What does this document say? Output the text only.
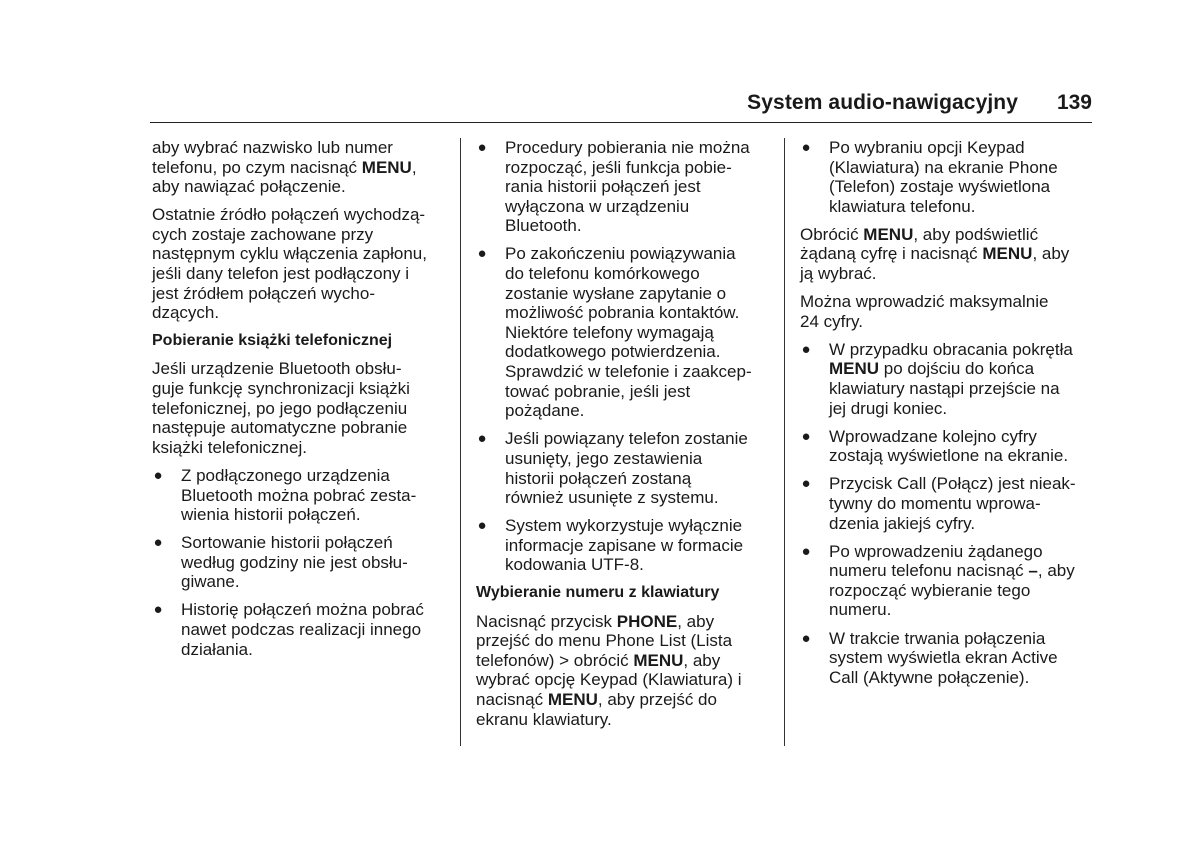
System audio-nawigacyjny 139

aby wybrać nazwisko lub numer
telefonu, po czym nacisnąć MENU,
aby nawiązać połączenie.

Ostatnie źródło połączeń wychodzą-
cych zostaje zachowane przy
następnym cyklu włączenia zapłonu,
jeśli dany telefon jest podłączony i
jest źródłem połączeń wycho-
dzących.

Pobieranie książki telefonicznej

Jeśli urządzenie Bluetooth obsłu-
guje funkcję synchronizacji książki
telefonicznej, po jego podłączeniu
następuje automatyczne pobranie
książki telefonicznej.

● Z podłączonego urządzenia
Bluetooth można pobrać zesta-
wienia historii połączeń.
● Sortowanie historii połączeń
według godziny nie jest obsłu-
giwane.
● Historię połączeń można pobrać
nawet podczas realizacji innego
działania.
● Procedury pobierania nie można
rozpocząć, jeśli funkcja pobie-
rania historii połączeń jest
wyłączona w urządzeniu
Bluetooth.
● Po zakończeniu powiązywania
do telefonu komórkowego
zostanie wysłane zapytanie o
możliwość pobrania kontaktów.
Niektóre telefony wymagają
dodatkowego potwierdzenia.
Sprawdzić w telefonie i zaakcep-
tować pobranie, jeśli jest
pożądane.
● Jeśli powiązany telefon zostanie
usunięty, jego zestawienia
historii połączeń zostaną
również usunięte z systemu.
● System wykorzystuje wyłącznie
informacje zapisane w formacie
kodowania UTF-8.
Wybieranie numeru z klawiatury

Nacisnąć przycisk PHONE, aby
przejść do menu Phone List (Lista
telefonów) > obrócić MENU, aby
wybrać opcję Keypad (Klawiatura) i
nacisnąć MENU, aby przejść do
ekranu klawiatury.

● Po wybraniu opcji Keypad
(Klawiatura) na ekranie Phone
(Telefon) zostaje wyświetlona
klawiatura telefonu.

Obrócić MENU, aby podświetlić
żądaną cyfrę i nacisnąć MENU, aby
ją wybrać.

Można wprowadzić maksymalnie
24 cyfry.

● W przypadku obracania pokrętła
MENU po dojściu do końca
klawiatury nastąpi przejście na
jej drugi koniec.
● Wprowadzane kolejno cyfry
zostają wyświetlone na ekranie.
● Przycisk Call (Połącz) jest nieak-
tywny do momentu wprowa-
dzenia jakiejś cyfry.
● Po wprowadzeniu żądanego
numeru telefonu nacisnąć –, aby
rozpocząć wybieranie tego
numeru.
● W trakcie trwania połączenia
system wyświetla ekran Active
Call (Aktywne połączenie).
